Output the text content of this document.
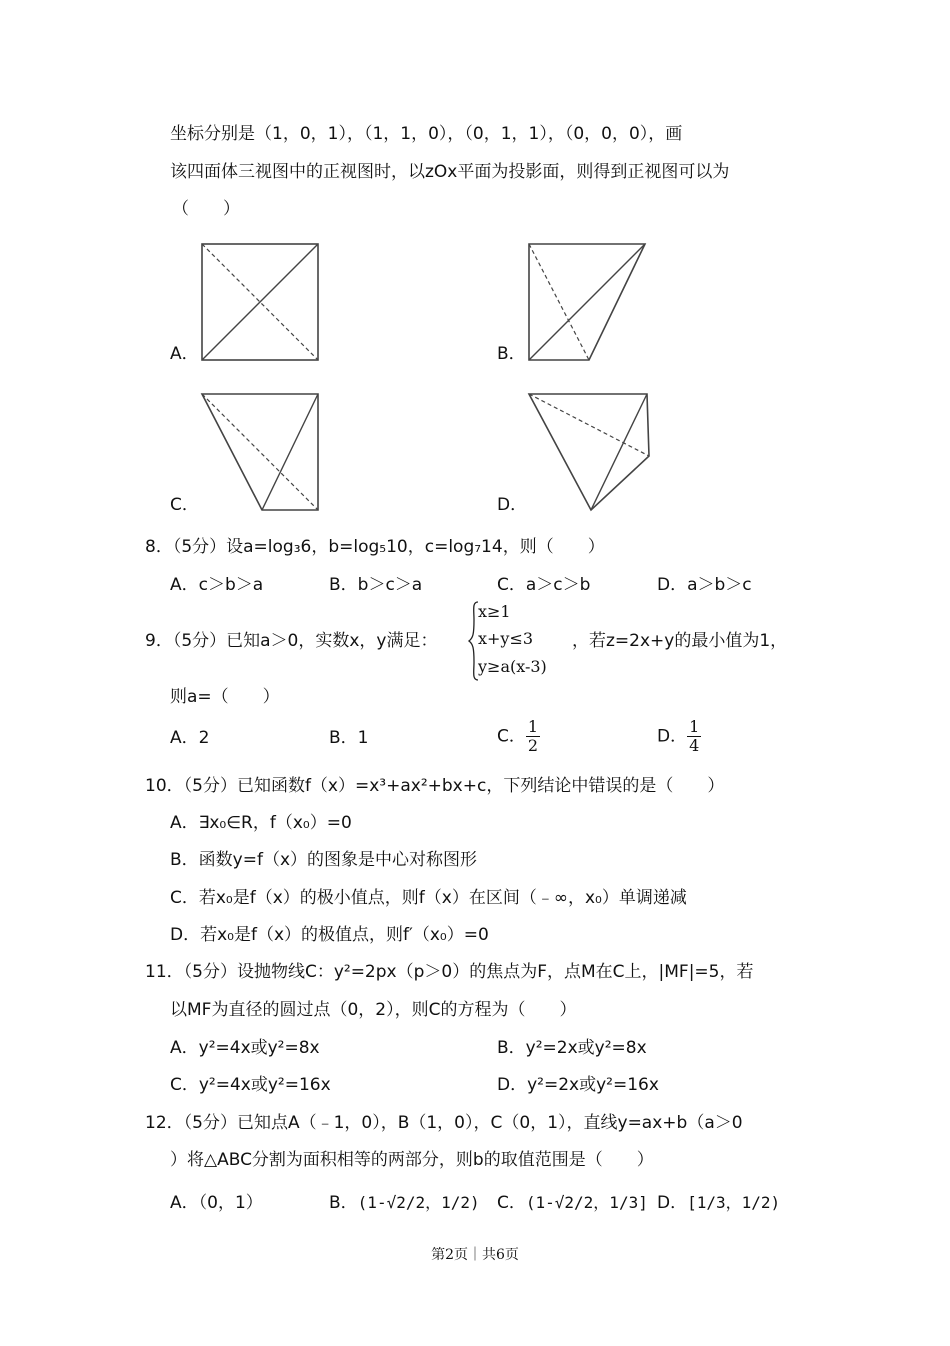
坐标分别是（1，0，1），（1，1，0），（0，1，1），（0，0，0），画
该四面体三视图中的正视图时，以zOx平面为投影面，则得到正视图可以为
（　　）
A．	B．
C．	D．
8．（5分）设a=log₃6，b=log₅10，c=log₇14，则（　　）
A．c＞b＞a	B．b＞c＞a	C．a＞c＞b	D．a＞b＞c
9．（5分）已知a＞0，实数x，y满足：
x≥1
x+y≤3
y≥a(x-3)
，若z=2x+y的最小值为1，
则a=（　　）
A．2	B．1	C． $\frac{1}{2}$	D． $\frac{1}{4}$
10．（5分）已知函数f（x）=x³+ax²+bx+c，下列结论中错误的是（　　）
A．∃x₀∈R，f（x₀）=0
B．函数y=f（x）的图象是中心对称图形
C．若x₀是f（x）的极小值点，则f（x）在区间（﹣∞，x₀）单调递减
D．若x₀是f（x）的极值点，则f′（x₀）=0
11．（5分）设抛物线C：y²=2px（p＞0）的焦点为F，点M在C上，|MF|=5，若
以MF为直径的圆过点（0，2），则C的方程为（　　）
A．y²=4x或y²=8x	B．y²=2x或y²=8x
C．y²=4x或y²=16x	D．y²=2x或y²=16x
12．（5分）已知点A（﹣1，0），B（1，0），C（0，1），直线y=ax+b（a＞0
）将△ABC分割为面积相等的两部分，则b的取值范围是（　　）
A．（0，1）	B．(1-√2/2，1/2) C．(1-√2/2，1/3] D．[1/3，1/2)
第2页｜共6页
